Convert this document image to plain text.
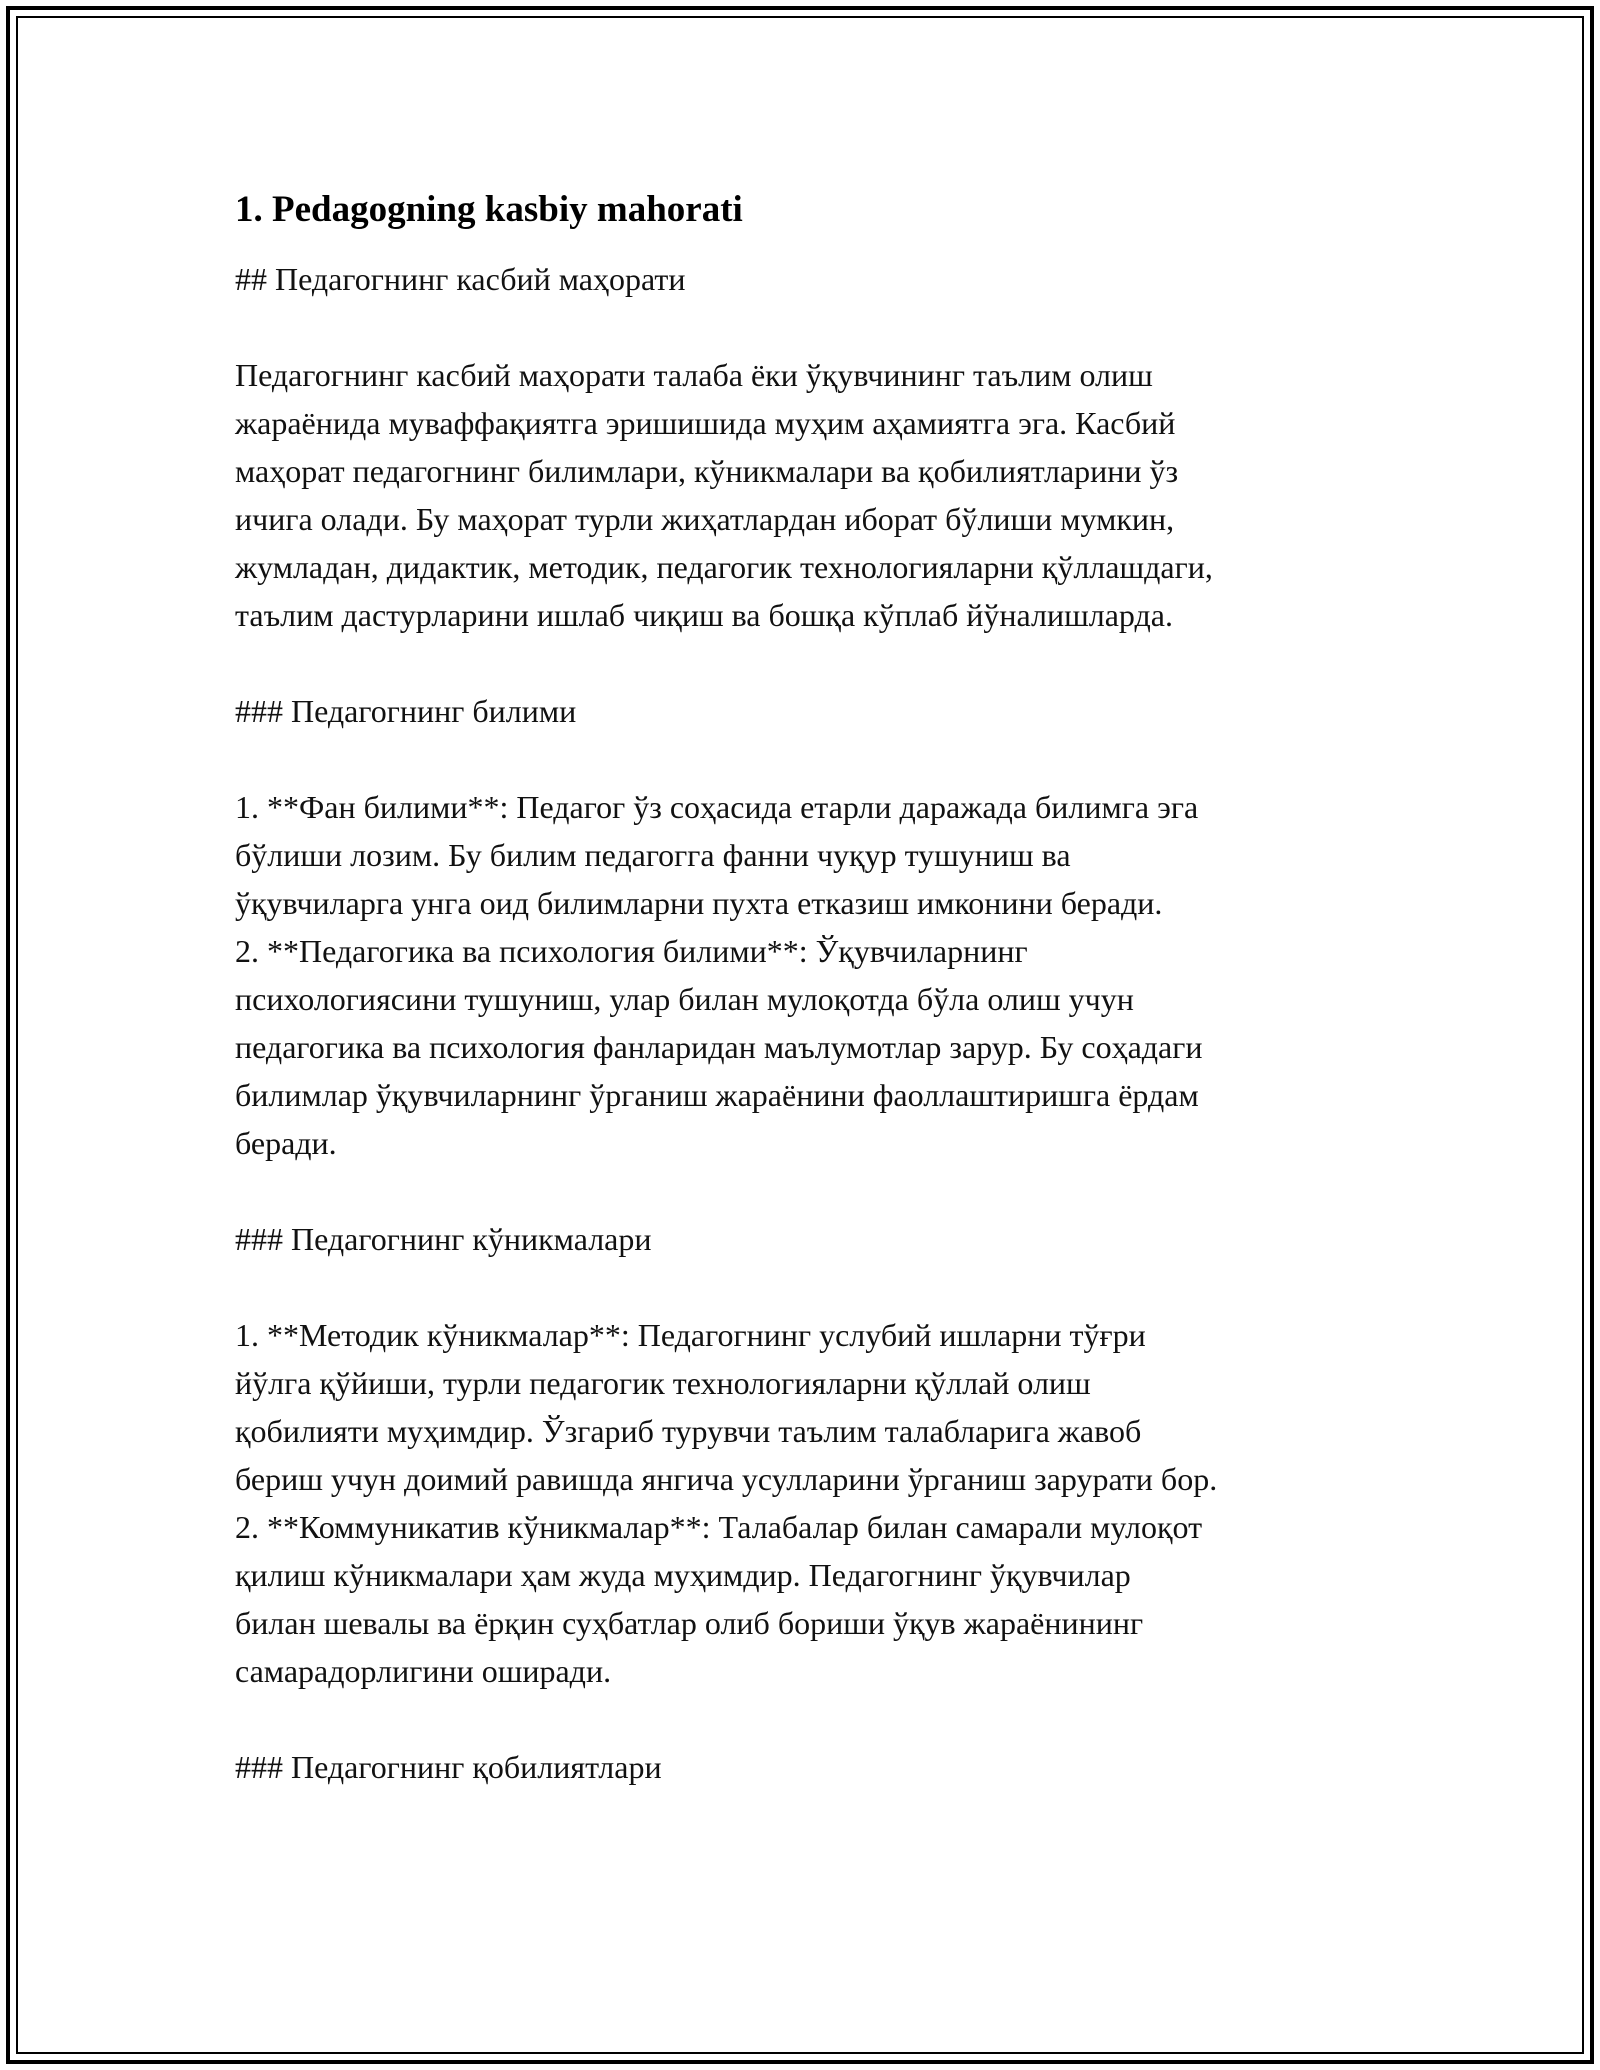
1. Pedagogning kasbiy mahorati
## Педагогнинг касбий маҳорати
Педагогнинг касбий маҳорати талаба ёки ўқувчининг таълим олиш
жараёнида муваффақиятга эришишида муҳим аҳамиятга эга. Касбий
маҳорат педагогнинг билимлари, кўникмалари ва қобилиятларини ўз
ичига олади. Бу маҳорат турли жиҳатлардан иборат бўлиши мумкин,
жумладан, дидактик, методик, педагогик технологияларни қўллашдаги,
таълим дастурларини ишлаб чиқиш ва бошқа кўплаб йўналишларда.
### Педагогнинг билими
1. **Фан билими**: Педагог ўз соҳасида етарли даражада билимга эга
бўлиши лозим. Бу билим педагогга фанни чуқур тушуниш ва
ўқувчиларга унга оид билимларни пухта етказиш имконини беради.
2. **Педагогика ва психология билими**: Ўқувчиларнинг
психологиясини тушуниш, улар билан мулоқотда бўла олиш учун
педагогика ва психология фанларидан маълумотлар зарур. Бу соҳадаги
билимлар ўқувчиларнинг ўрганиш жараёнини фаоллаштиришга ёрдам
беради.
### Педагогнинг кўникмалари
1. **Методик кўникмалар**: Педагогнинг услубий ишларни тўғри
йўлга қўйиши, турли педагогик технологияларни қўллай олиш
қобилияти муҳимдир. Ўзгариб турувчи таълим талабларига жавоб
бериш учун доимий равишда янгича усулларини ўрганиш зарурати бор.
2. **Коммуникатив кўникмалар**: Талабалар билан самарали мулоқот
қилиш кўникмалари ҳам жуда муҳимдир. Педагогнинг ўқувчилар
билан шевалы ва ёрқин суҳбатлар олиб бориши ўқув жараёнининг
самарадорлигини оширади.
### Педагогнинг қобилиятлари
